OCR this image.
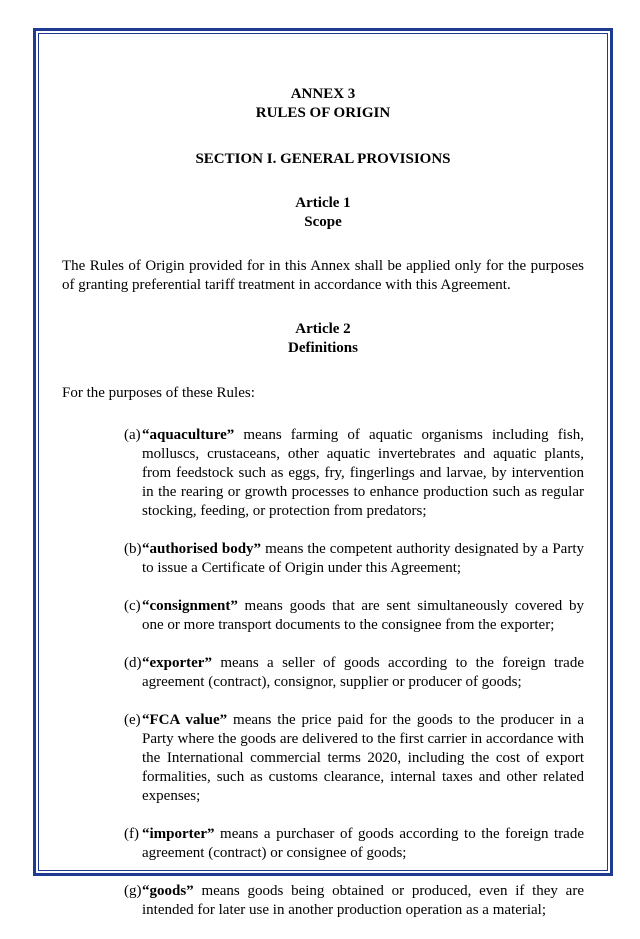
ANNEX 3

RULES OF ORIGIN

SECTION I. GENERAL PROVISIONS

Article 1

Scope

The Rules of Origin provided for in this Annex shall be applied only for the purposes of granting preferential tariff treatment in accordance with this Agreement.

Article 2

Definitions

For the purposes of these Rules:

(a) “aquaculture” means farming of aquatic organisms including fish, molluscs, crustaceans, other aquatic invertebrates and aquatic plants, from feedstock such as eggs, fry, fingerlings and larvae, by intervention in the rearing or growth processes to enhance production such as regular stocking, feeding, or protection from predators;
(b) “authorised body” means the competent authority designated by a Party to issue a Certificate of Origin under this Agreement;
(c) “consignment” means goods that are sent simultaneously covered by one or more transport documents to the consignee from the exporter;
(d) “exporter” means a seller of goods according to the foreign trade agreement (contract), consignor, supplier or producer of goods;
(e) “FCA value” means the price paid for the goods to the producer in a Party where the goods are delivered to the first carrier in accordance with the International commercial terms 2020, including the cost of export formalities, such as customs clearance, internal taxes and other related expenses;
(f) “importer” means a purchaser of goods according to the foreign trade agreement (contract) or consignee of goods;
(g) “goods” means goods being obtained or produced, even if they are intended for later use in another production operation as a material;
